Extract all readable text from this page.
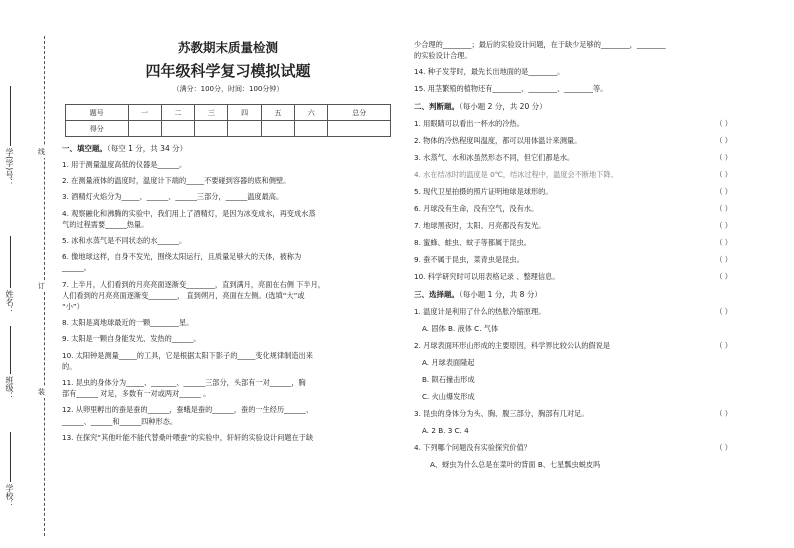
学(学)号：
姓名：
班级：
学校：
线
订
装
苏教期末质量检测
四年级科学复习模拟试题
（满分：100分，时间：100分钟）
题号	一	二	三	四	五	六	总分
得分							
一、填空题。（每空 1 分，共 34 分）
1. 用于测量温度高低的仪器是______。
2. 在测量液体的温度时，温度计下端的_____不要碰到容器的底和侧壁。
3. 酒精灯火焰分为_____、______、______三部分，______温度最高。
4. 观察融化和沸腾的实验中，我们用上了酒精灯，是因为冰变成水，再变成水蒸
气的过程需要______热量。
5. 冰和水蒸气是不同状态的水______。
6. 像地球这样，自身不发光，围绕太阳运行，且质量足够大的天体，被称为
______。
7. 上半月，人们看到的月亮亮面逐渐变________，直到满月，亮面在右侧 下半月，
人们看到的月亮亮面逐渐变________， 直到朔月，亮面在左侧。(选填“大”或
“小”）
8. 太阳是离地球最近的一颗________星。
9. 太阳是一颗自身能发光、发热的______。
10. 太阳钟是测量_____的工具，它是根据太阳下影子的_____变化规律制造出来
的。
11. 昆虫的身体分为_____、_______、______三部分，头部有一对______，胸
部有______ 对足，多数有一对或两对______ 。
12. 从卵里孵出的蚕是蚕的______，蚕蛾是蚕的______，蚕的一生经历______、
______、______和______四种形态。
13. 在探究“其他叶能不能代替桑叶喂蚕”的实验中，轩轩的实验设计问题在于缺
少合理的________；最后的实验设计问题，在于缺少足够的________，________
的实验设计合理。
14. 种子发芽时，最先长出地面的是________。
15. 用茎繁殖的植物还有________、________、________等。
二、判断题。（每小题 2 分，共 20 分）
1. 用眼睛可以看出一杯水的冷热。	（ ）
2. 物体的冷热程度叫温度，都可以用体温计来测量。	（ ）
3. 水蒸气、水和冰虽然形态不同，但它们都是水。	（ ）
4. 水在结冰时的温度是 0℃，结冰过程中，温度会不断地下降。	（ ）
5. 现代卫星拍摄的照片证明地球是球形的。	（ ）
6. 月球没有生命，没有空气，没有水。	（ ）
7. 地球黑夜时，太阳、月亮都没有发光。	（ ）
8. 蜜蜂、蛙虫、蚊子等都属于昆虫。	（ ）
9. 蚕不属于昆虫，菜青虫是昆虫。	（ ）
10. 科学研究时可以用表格记录 、整理信息。	（ ）
三、选择题。（每小题 1 分，共 8 分）
1. 温度计是利用了什么的热胀冷缩原理。	（ ）
A. 固体 B. 液体 C. 气体
2. 月球表面环形山形成的主要原因，科学界比较公认的假说是	（ ）
A. 月球表面隆起
B. 陨石撞击形成
C. 火山爆发形成
3. 昆虫的身体分为头、胸、腹三部分，胸部有几对足。	（ ）
A. 2 B. 3 C. 4
4. 下列哪个问题没有实验探究价值？	（ ）
A、蚜虫为什么总是在菜叶的背面 B、七星瓢虫蜕皮吗
